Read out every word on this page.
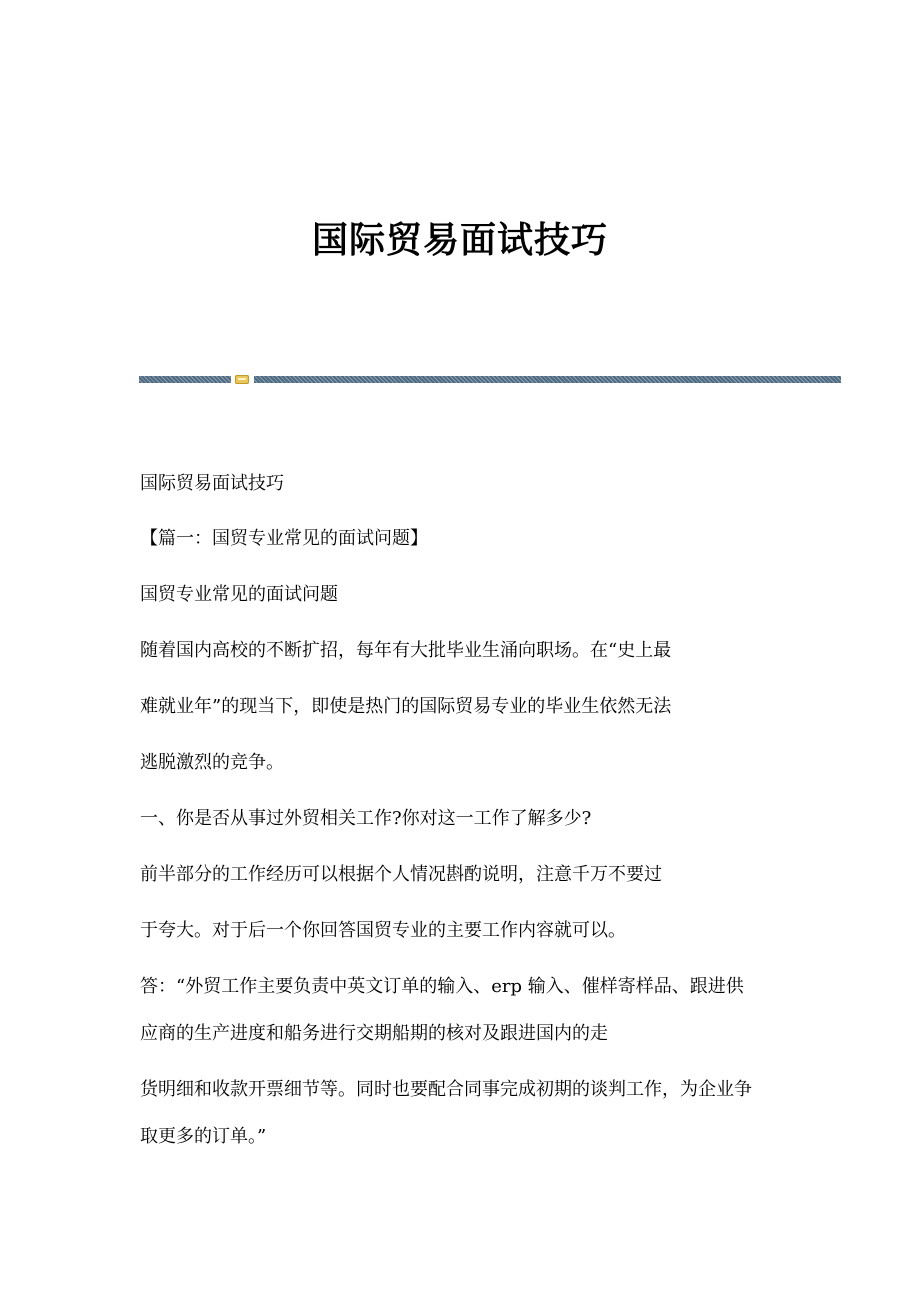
国际贸易面试技巧

国际贸易面试技巧

【篇一：国贸专业常见的面试问题】

国贸专业常见的面试问题

随着国内高校的不断扩招，每年有大批毕业生涌向职场。在“史上最

难就业年”的现当下，即使是热门的国际贸易专业的毕业生依然无法

逃脱激烈的竞争。

一、你是否从事过外贸相关工作?你对这一工作了解多少?

前半部分的工作经历可以根据个人情况斟酌说明，注意千万不要过

于夸大。对于后一个你回答国贸专业的主要工作内容就可以。

答：“外贸工作主要负责中英文订单的输入、erp 输入、催样寄样品、跟进供

应商的生产进度和船务进行交期船期的核对及跟进国内的走

货明细和收款开票细节等。同时也要配合同事完成初期的谈判工作，为企业争

取更多的订单。”
